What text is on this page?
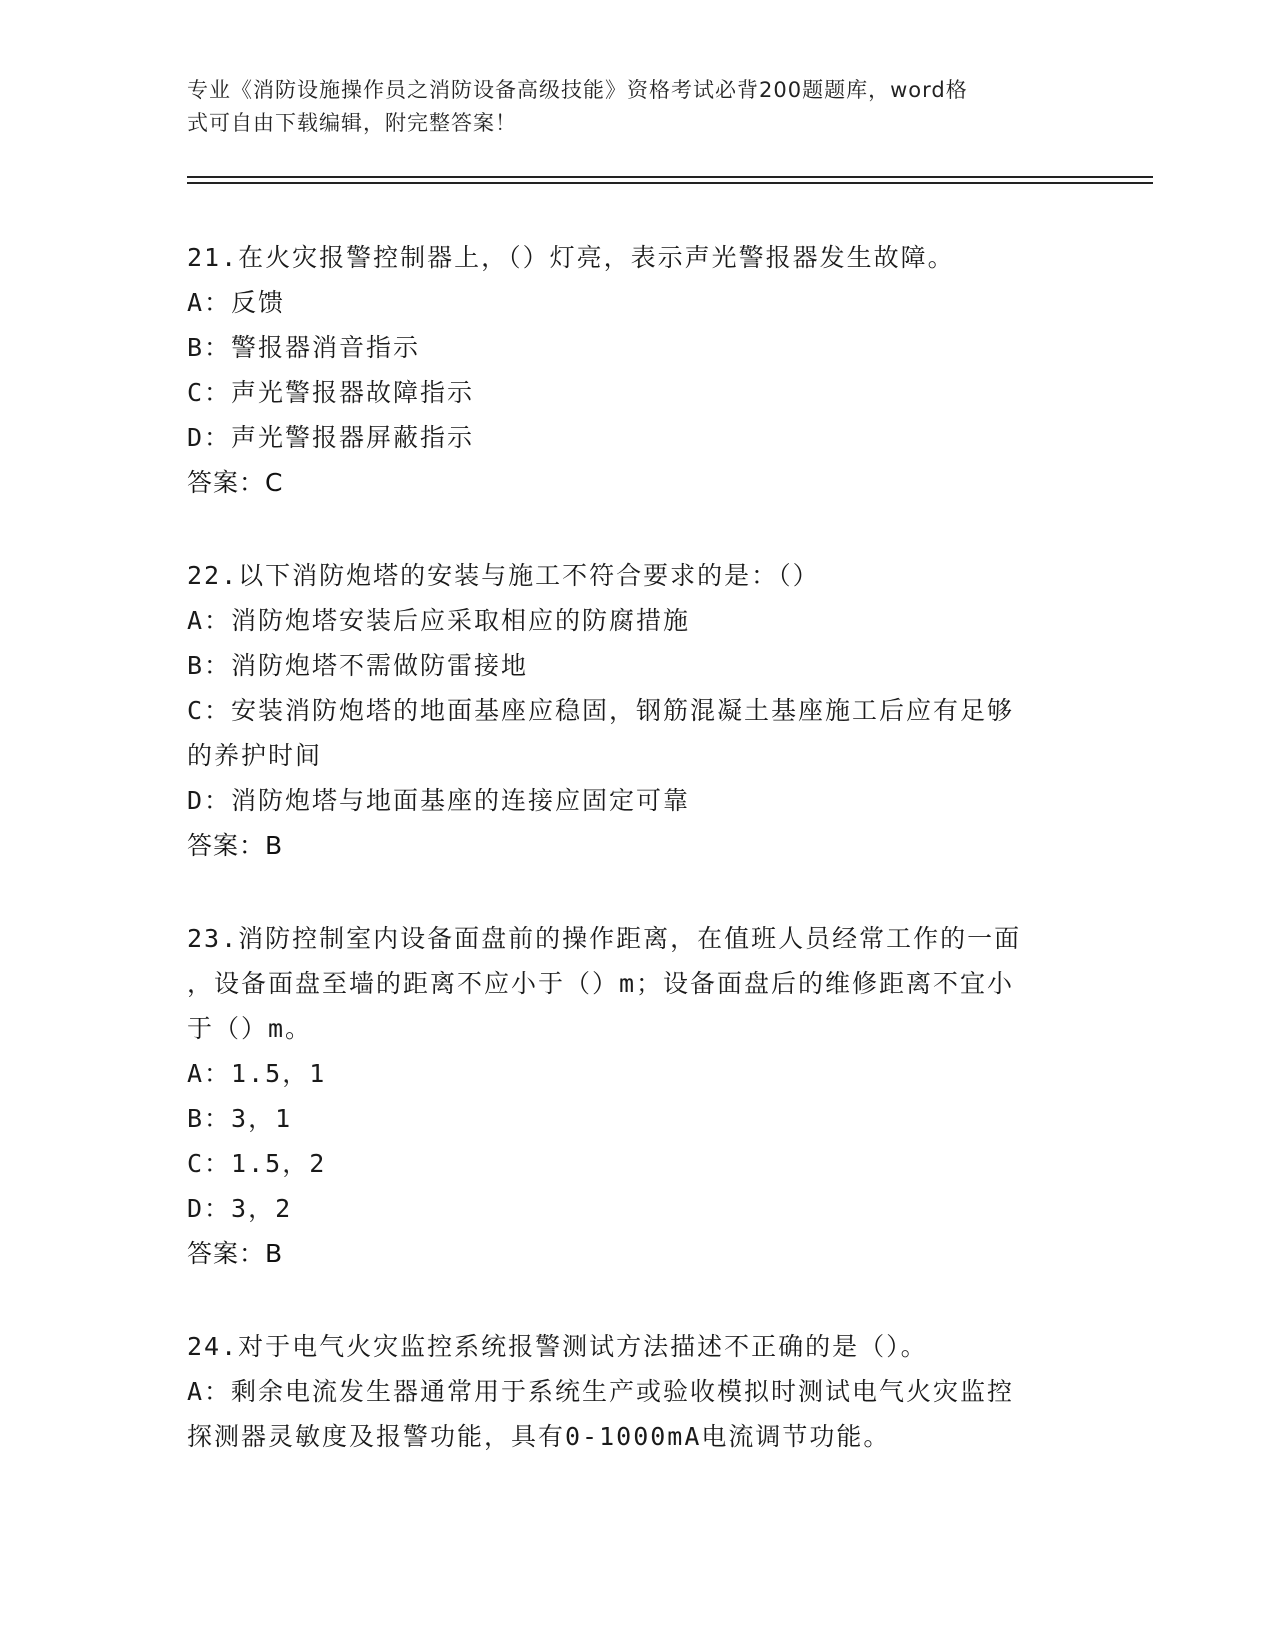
专业《消防设施操作员之消防设备高级技能》资格考试必背200题题库，word格
式可自由下载编辑，附完整答案！
21.在火灾报警控制器上，（）灯亮，表示声光警报器发生故障。
A：反馈
B：警报器消音指示
C：声光警报器故障指示
D：声光警报器屏蔽指示
答案：C
22.以下消防炮塔的安装与施工不符合要求的是：（）
A：消防炮塔安装后应采取相应的防腐措施
B：消防炮塔不需做防雷接地
C：安装消防炮塔的地面基座应稳固，钢筋混凝土基座施工后应有足够
的养护时间
D：消防炮塔与地面基座的连接应固定可靠
答案：B
23.消防控制室内设备面盘前的操作距离，在值班人员经常工作的一面
，设备面盘至墙的距离不应小于（）m；设备面盘后的维修距离不宜小
于（）m。
A：1.5，1
B：3，1
C：1.5，2
D：3，2
答案：B
24.对于电气火灾监控系统报警测试方法描述不正确的是（）。
A：剩余电流发生器通常用于系统生产或验收模拟时测试电气火灾监控
探测器灵敏度及报警功能，具有0-1000mA电流调节功能。
